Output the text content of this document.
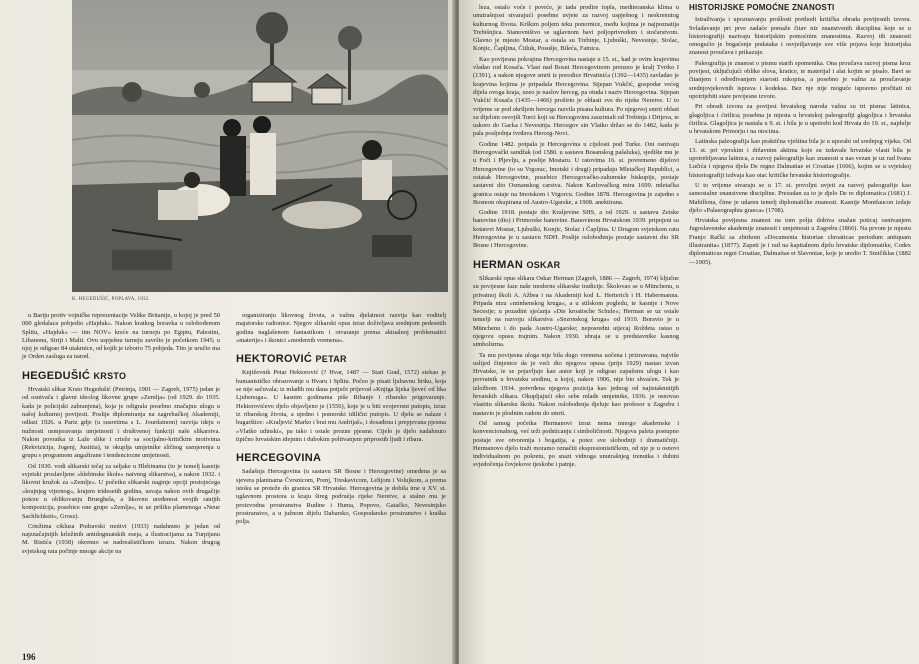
K. HEGEDUŠIĆ, POPLAVA, 1932.

u Bariju protiv vojničke reprezentacije Velike Britanije, u kojoj je pred 50 000 gledalaca pobjedio »Hajduk«. Nakon kratkog boravka u oslobođenom Splitu, »Hajduk« — tim NOV« kreće na turneju po Egiptu, Palestini, Libanonu, Siriji i Malti. Ovu uspješnu turneju završio je početkom 1945; u njoj je odigrao 84 utakmice, od kojih je izborio 75 pobjeda. Tito je uručio ma je Orden zasluga za narod.

HEGEDUŠIĆ KRSTO

Hrvatski slikar Krsto Hegedušić (Petrinja, 1901 — Zagreb, 1975) jedan je od osnivača i glavni ideolog likovne grupe »Zemlja« (od 1929. do 1935. kada je policijski zabranjena), koja je odigrala posebno značajnu ulogu u našoj kulturnoj povijesti. Poslije diplomiranja na zagrebačkoj Akademiji, odlazi 1926. u Pariz gdje (u susretima s L. Jourdainom) razvija ideju o nužnosti usmjeravanja umjetnosti i društvenoj funkciji naše slikarstva. Nakon povratka iz Laže slike i crteže sa socijalno-kritičkim motivima (Rekvizicija, Jogenj, Justitia), te okuplja umjetnike sličnog usmjerenja u grupu s programom angažirane i tendenciozne umjetnosti.

Od 1930. vodi slikarski tečaj za seljake u Hlebinama (to je temelj kasnije svjetski proslavljene »hlebinske škole« naivnog slikarstva), a nakon 1932. i likovni kružok za »Zemlje«. U početku slikarski naginje opciji postojećega »krajnjeg vijernog«, krajem tridesetih godina, usvaja nakon ovih drugačije poteze u oblikovanju Brueghela, a likovnu uređenost svojih ranijih kompozicija, posebice one grupe »Zemlja«, te uz priliku plamenoga »Neue Sachlichkeit«, Grosz).

Crtežima ciklusa Podravski motivi (1933) nadahnuto je jedan od najznačajnijih krležinih antidogmatskih eseja, a ilustracijama za Turpijanu M. Ristića (1938) okrenuo se nadrealističkom izrazu. Nakon drugog svjetskog rata počinje mnoge akcije na

organiziranju likovnog života, a važnu djelatnost razvija kao voditelj majstorske radionice. Njegov slikarski opus izraz doživljava srednjom pedesetih godina naglašenom fantastikom i otvaranje prema aktualnoj problematici »materije« i ikonici »modernih vremena«.

HEKTOROVIĆ PETAR

Književnik Petar Hektorović (? Hvar, 1487 — Stari Grad, 1572) stekao je humanističko obrazovanje u Hvaru i Splitu. Počeo je pisati ljubavnu liriku, koja se nije sačuvala; iz mlađih mu dana potječe prijevod »Knjiga lijeka ljeveć od lika Ljubenoga«. U kasnim godinama piše Ribanje i ribarsko prigovaranje. Hektorovićevo djelo objavljeno je (1556), koje je u biti svojevrsni putopis, izraz iz ribarskog života, a ujedno i pomorski idilični putopis. U djelu se nalaze i bugarštice: »Kraljević Marko i brat mu Andrijaš«, i dosađena i prepjevana pjesma »Vlatko udinski«, pa tako i ostale prozne pjesme. Cijelo je djelo nadahnuto tipično hrvatskim idejnim i dubokim poltivanjem priprostih ljudi i ribara.

HERCEGOVINA

Sadašnja Hercegovina (u sastavu SR Bosne i Hercegovine) omeđena je sa sjevera planinama Čvrsnicom, Prenj, Treskavicom, Lelijom i Volujkom, a prema istoku se proteže do granica SR Hrvatske. Hercegovina je dobila ime u XV. st. uglavnom prostora u kraju šireg podruèja rijeke Neretve, a stalno mu je proizvodna prostranstva Rudine i Huma, Popovo, Gatačko, Nevesinjsko prostranstvo, a u južnom dijelu Dabarsko, Gospodarsko prostranstvo i kraška polja.

196

leza, ostalo voće i povrće, je tada prodire topla, mediteranska klima u unutrašnjost stvarajući posebne uvjete za razvoj uspješnog i neskrenutog kulturnog života. Krškim poljem teku ponornice, među kojima je najpoznatija Trebišnjica. Stanovništvo se uglavnom bavi poljoprivredom i stočarstvom. Glavno je mjesto Mostar, a ostala su Trebinje, Ljubuški, Nevesinje, Stolac, Konjic, Čapljina, Čitluk, Posušje, Bileća, Fatnica.

Kao povijesna pokrajina Hercegovina nastaje u 15. st., kad je ovim krajevima vladao rod Kosača. Vlast nad Bosni Hercegovinom preuzeo je kralj Tvrtko I (1391), a nakon njegove smrti iz porodice Hrvatinića (1392—1435) zavladao je krajevina kojima je pripadala Hercegovina. Stjepan Vukčić, gospodar većeg dijela ovoga kraja, uzeo je naslov herceg, pa otuda i naziv Hercegovina. Stjepan Vukčić Kosača (1435—1466) proširio je oblasti sve do rijeke Neretve. U to vrijeme se pod okriljem hercega razvila pisana kultura. Po njegovoj smrti oblast su dijelom osvojili Turci koji su Hercegovinu zauzimali od Trebinja i Drijeva, te uskoro do Gacka i Nevesinja. Hercegov sin Vlatko držao se do 1482, kada je pala posljednja tvrđava Herceg-Novi.

Godine 1482. potpala je Hercegovina u cijelosti pod Turke. Oni osnivaju Hercegovački sandžak (od 1580. u sastavu Bosanskog pašaluka), sjedište mu je u Foči i Pljevlju, a poslije Mostaru. U ratovima 16. st. povremeno dijelovi Hercegovine (to su Vrgorac, Imotski i drugi) pripadaju Mletačkoj Republici, a ostatak Hercegovine, posebice Hercegovačko-zahumske biskupije, postaje sastavni dio Osmanskog carstva. Nakon Karlovačkog mira 1699. mletačka granica ostaje na Imotskom i Vrgorcu. Godine 1878. Hercegovina je zajedno s Bosnom okupirana od Austro-Ugarske, a 1908. anektirana.

Godine 1918. postaje dio Kraljevine SHS, a od 1929. u sastavu Zetske banovine (dio) i Primorske banovine. Banovinom Hrvatskom 1939. pripojeni su kotarevi Mostar, Ljubuški, Konjic, Stolac i Čapljina. U Drugom svjetskom ratu Hercegovina je u sastavu NDH. Poslije oslobođenja postaje sastavni dio SR Bosne i Hercegovine.

HERMAN OSKAR

Slikarski opus slikara Oskar Herman (Zagreb, 1886 — Zagreb, 1974) ključne su povijesne faze naše moderne slikarske tradicije. Školovao se u Münchenu, u privatnoj školi A. Ažbea i na Akademiji kod L. Herterich i H. Habermanna. Pripada nizu »minhenskog kruga«, a u stilskom pogledu, te kasnije i Nove Secesije; u pozadini sjećanja »Die kroatische Schule«; Herman se uz ostale temelji na razvoju slikarstva »Sezonskog kruga« od 1910. Boravio je u Münchenu i do pada Austro-Ugarske; neposredni utjecaj Roždeta ostao u njegovu opusu trajnim. Nakon 1930. ubraja se u predstavnike kasnog simbolizma.

Ta mu povijesna uloga nije bila dugo vremena uočena i priznavana, najviše uslijed činjenice da je veći dio njegova opusa (prije 1929) nastao izvan Hrvatske, te se pojavljuje kao autor koji je odigrao zapaženu ulogu i kao povratnik u hrvatsku sredinu, u kojoj, nakon 1906, nije bio shvaćen. Tek je izložbom 1934. potvrđena njegova pozicija kao jednog od najistaknutijih hrvatskih slikara. Okupljajući oko sebe mlađe umjetnike, 1936. je osnovao vlastitu slikarsku školu. Nakon oslobođenja djeluje kao profesor u Zagrebu i nastavio je plodnim radom do smrti.

Od samog početka Hermanovi izraz nema mnogo akademske i konvencionalnog, već teži podsticanju i simboličnosti. Njegova paleta postupno postaje sve otvorenija i bogatija, a potez sve slobodniji i dramatičniji. Hermanovo djelo traži moramo označiti ekspresionističkom, od nje je u osnovi individualnom po pokretu, po snazi vidnoga unutrašnjeg trenutka i dubini svjedočenja čovjekove tjeskobe i patnje.

HISTORIJSKE POMOĆNE ZNANOSTI

Istraživanja i upoznavanju prošlosti prethodi kritička obrada povijesnih izvora. Svladavanje pri prve zadaće pomaže čitav niz znanstvenih disciplina koje se u historiografiji nazivaju historijskim pomoćnim znanostima. Razvoj tih znanosti omogućio je bogaćenje podataka i osvjetljavanje sve više pojava koje historijska znanost proučava i prikazuje.

Paleografija je znanost o pismu starih spomenika. Ona proučava razvoj pisma kroz povijest, uključujući oblike slova, kratice, te materijal i alat kojim se pisalo. Bavi se čitanjem i određivanjem starosti rukopisa, a posebno je važna za proučavanje srednjovjekovnih isprava i kodeksa. Bez nje nije moguće ispravno pročitati ni upotrijebiti stare povijesne izvore.

Pri obradi izvora za povijest hrvatskog naroda važna su tri pisma: latinica, glagoljica i ćirilica; posebna je mjesta u hrvatskoj paleografiji glagoljica i hrvatska ćirilica. Glagoljica je nastala u 9. st. i bila je u upotrebi kod Hrvata do 19. st., najdulje u hrvatskom Primorju i na otocima.

Latinska paleografija kao praktična vještina bila je u uporabi od srednjeg vijeka. Od 13. st. pri vjerskim i državnim aktima koje su izdavale hrvatske vlasti bila je upotrebljavana latinica, a razvoj paleografije kao znanosti u nas vezan je uz rad Ivana Lučića i njegova djela De regno Dalmatiae et Croatiae (1666), kojim se u svjetskoj historiografiji izdvaja kao otac kritičke hrvatske historiografije.

U to vrijeme stvaraju se u 17. st. povoljni uvjeti za razvoj paleografije kao samostalne znanstvene discipline. Presudan za to je djelo De re diplomatica (1681) J. Mabillona, čime je udaren temelj diplomatičke znanosti. Kasnije Montfaucon izdaje djelo »Palaeographia graeca« (1708).

Hrvatska povijesna znanost na tom polju dobiva snažan poticaj osnivanjem Jugoslavenske akademije znanosti i umjetnosti u Zagrebu (1866). Na prvom je mjestu Franjo Rački sa zbirkom »Documenta historiae chroaticae periodum antiquam illustrantia« (1877). Zapeti je i rad na kapitalnom djelu hrvatske diplomatike, Codex diplomaticus regni Croatiae, Dalmatiae et Slavoniae, koje je uredio T. Smičiklas (1882—1905).
